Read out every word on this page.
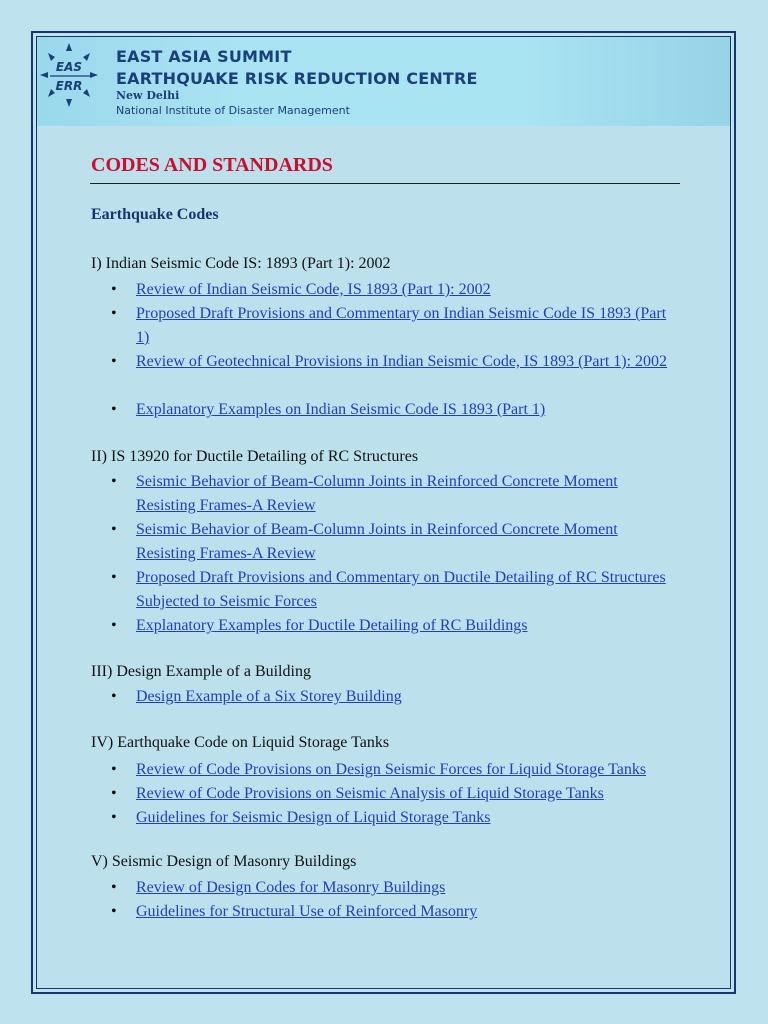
EAS
ERR
EAST ASIA SUMMIT
EARTHQUAKE RISK REDUCTION CENTRE
New Delhi
National Institute of Disaster Management
CODES AND STANDARDS
Earthquake Codes
I) Indian Seismic Code IS: 1893 (Part 1): 2002
• Review of Indian Seismic Code, IS 1893 (Part 1): 2002
• Proposed Draft Provisions and Commentary on Indian Seismic Code IS 1893 (Part 1)
• Review of Geotechnical Provisions in Indian Seismic Code, IS 1893 (Part 1): 2002
• Explanatory Examples on Indian Seismic Code IS 1893 (Part 1)
II) IS 13920 for Ductile Detailing of RC Structures
• Seismic Behavior of Beam-Column Joints in Reinforced Concrete Moment Resisting Frames-A Review
• Seismic Behavior of Beam-Column Joints in Reinforced Concrete Moment Resisting Frames-A Review
• Proposed Draft Provisions and Commentary on Ductile Detailing of RC Structures Subjected to Seismic Forces
• Explanatory Examples for Ductile Detailing of RC Buildings
III) Design Example of a Building
• Design Example of a Six Storey Building
IV) Earthquake Code on Liquid Storage Tanks
• Review of Code Provisions on Design Seismic Forces for Liquid Storage Tanks
• Review of Code Provisions on Seismic Analysis of Liquid Storage Tanks
• Guidelines for Seismic Design of Liquid Storage Tanks
V) Seismic Design of Masonry Buildings
• Review of Design Codes for Masonry Buildings
• Guidelines for Structural Use of Reinforced Masonry
